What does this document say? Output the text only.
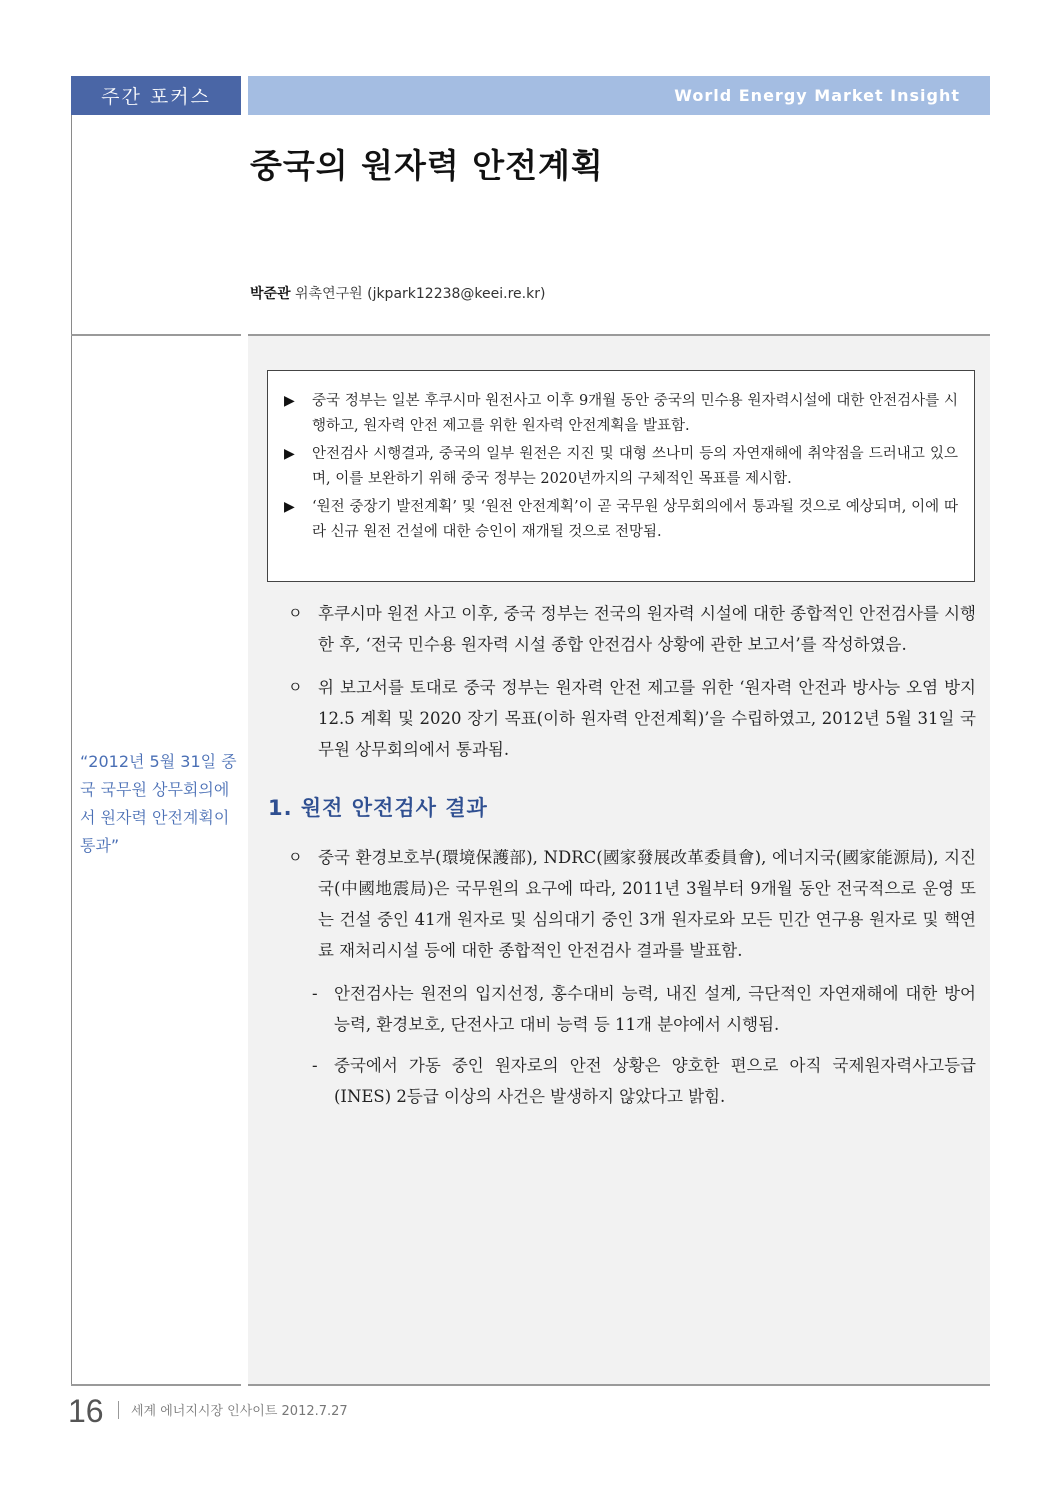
주간 포커스	World Energy Market Insight
중국의 원자력 안전계획
박준관 위촉연구원 (jkpark12238@keei.re.kr)
▶ 중국 정부는 일본 후쿠시마 원전사고 이후 9개월 동안 중국의 민수용 원자력시설에 대한 안전검사를 시행하고, 원자력 안전 제고를 위한 원자력 안전계획을 발표함.
▶ 안전검사 시행결과, 중국의 일부 원전은 지진 및 대형 쓰나미 등의 자연재해에 취약점을 드러내고 있으며, 이를 보완하기 위해 중국 정부는 2020년까지의 구체적인 목표를 제시함.
▶ ‘원전 중장기 발전계획’ 및 ‘원전 안전계획’이 곧 국무원 상무회의에서 통과될 것으로 예상되며, 이에 따라 신규 원전 건설에 대한 승인이 재개될 것으로 전망됨.
ㅇ 후쿠시마 원전 사고 이후, 중국 정부는 전국의 원자력 시설에 대한 종합적인 안전검사를 시행한 후, ‘전국 민수용 원자력 시설 종합 안전검사 상황에 관한 보고서’를 작성하였음.
ㅇ 위 보고서를 토대로 중국 정부는 원자력 안전 제고를 위한 ‘원자력 안전과 방사능 오염 방지 12.5 계획 및 2020 장기 목표(이하 원자력 안전계획)’을 수립하였고, 2012년 5월 31일 국무원 상무회의에서 통과됨.
1. 원전 안전검사 결과
ㅇ 중국 환경보호부(環境保護部), NDRC(國家發展改革委員會), 에너지국(國家能源局), 지진국(中國地震局)은 국무원의 요구에 따라, 2011년 3월부터 9개월 동안 전국적으로 운영 또는 건설 중인 41개 원자로 및 심의대기 중인 3개 원자로와 모든 민간 연구용 원자로 및 핵연료 재처리시설 등에 대한 종합적인 안전검사 결과를 발표함.
- 안전검사는 원전의 입지선정, 홍수대비 능력, 내진 설계, 극단적인 자연재해에 대한 방어 능력, 환경보호, 단전사고 대비 능력 등 11개 분야에서 시행됨.
- 중국에서 가동 중인 원자로의 안전 상황은 양호한 편으로 아직 국제원자력사고등급(INES) 2등급 이상의 사건은 발생하지 않았다고 밝힘.
“2012년 5월 31일 중국 국무원 상무회의에서 원자력 안전계획이 통과”
16 세계 에너지시장 인사이트 2012.7.27
